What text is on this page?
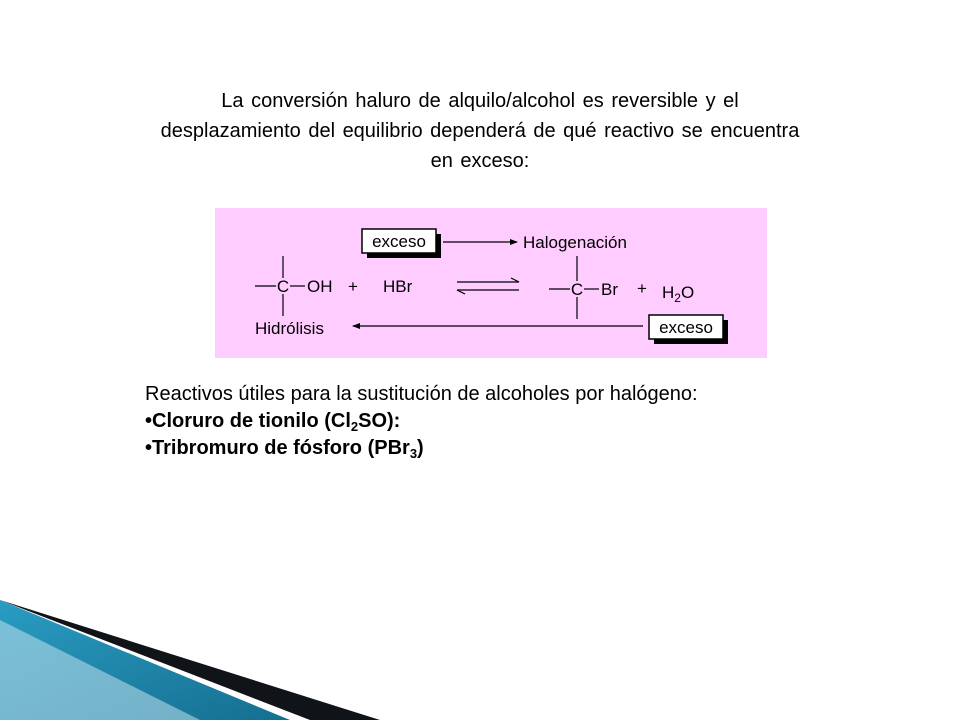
La conversión haluro de alquilo/alcohol es reversible y el desplazamiento del equilibrio dependerá de qué reactivo se encuentra en exceso:

exceso	Halogenación
C OH + HBr	C $Br + H_2O$
exceso
Hidrólisis
Reactivos útiles para la sustitución de alcoholes por halógeno:
•Cloruro de tionilo $(Cl_2SO)$:
•Tribromuro de fósforo (PBr$_3$)
